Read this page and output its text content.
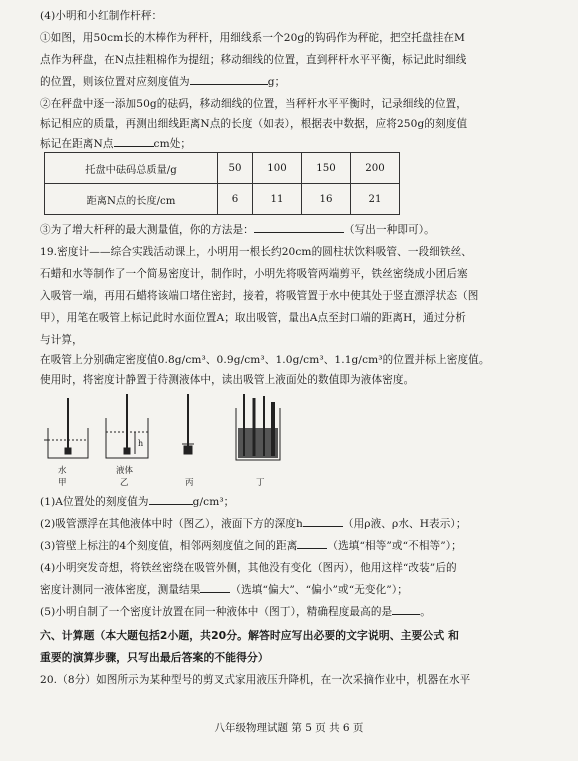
(4)小明和小红制作杆秤：
①如图，用50cm长的木棒作为秤杆，用细线系一个20g的钩码作为秤砣，把空托盘挂在M
点作为秤盘，在N点挂粗棉作为提纽；移动细线的位置，直到秤杆水平平衡，标记此时细线
的位置，则该位置对应刻度值为	g；
②在秤盘中逐一添加50g的砝码，移动细线的位置，当秤杆水平平衡时，记录细线的位置，
标记相应的质量，再测出细线距离N点的长度（如表），根据表中数据，应将250g的刻度值
标记在距离N点	cm处；
托盘中砝码总质量/g	50	100	150	200
距离N点的长度/cm	6	11	16	21
③为了增大杆秤的最大测量值，你的方法是：	（写出一种即可）。
19.密度计——综合实践活动课上，小明用一根长约20cm的圆柱状饮料吸管、一段细铁丝、
石蜡和水等制作了一个简易密度计，制作时，小明先将吸管两端剪平，铁丝密绕成小团后塞
入吸管一端，再用石蜡将该端口堵住密封，接着，将吸管置于水中使其处于竖直漂浮状态（图
甲），用笔在吸管上标记此时水面位置A；取出吸管，量出A点至封口端的距离H，通过分析
与计算，
在吸管上分别确定密度值0.8g/cm³、0.9g/cm³、1.0g/cm³、1.1g/cm³的位置并标上密度值。
使用时，将密度计静置于待测液体中，读出吸管上液面处的数值即为液体密度。
h
水
甲
液体
乙	丙	丁
(1)A位置处的刻度值为	g/cm³；
(2)吸管漂浮在其他液体中时（图乙），液面下方的深度h	（用ρ液、ρ水、H表示）；
(3)管壁上标注的4个刻度值，相邻两刻度值之间的距离	（选填“相等”或“不相等”）；
(4)小明突发奇想，将铁丝密绕在吸管外侧，其他没有变化（图丙），他用这样“改装”后的
密度计测同一液体密度，测量结果	（选填“偏大”、“偏小”或“无变化”）；
(5)小明自制了一个密度计放置在同一种液体中（图丁），精确程度最高的是	。
六、计算题（本大题包括2小题，共20分。解答时应写出必要的文字说明、主要公式 和
重要的演算步骤，只写出最后答案的不能得分）
20.（8分）如图所示为某种型号的剪叉式家用液压升降机，在一次采摘作业中，机器在水平
八年级物理试题 第 5 页 共 6 页
